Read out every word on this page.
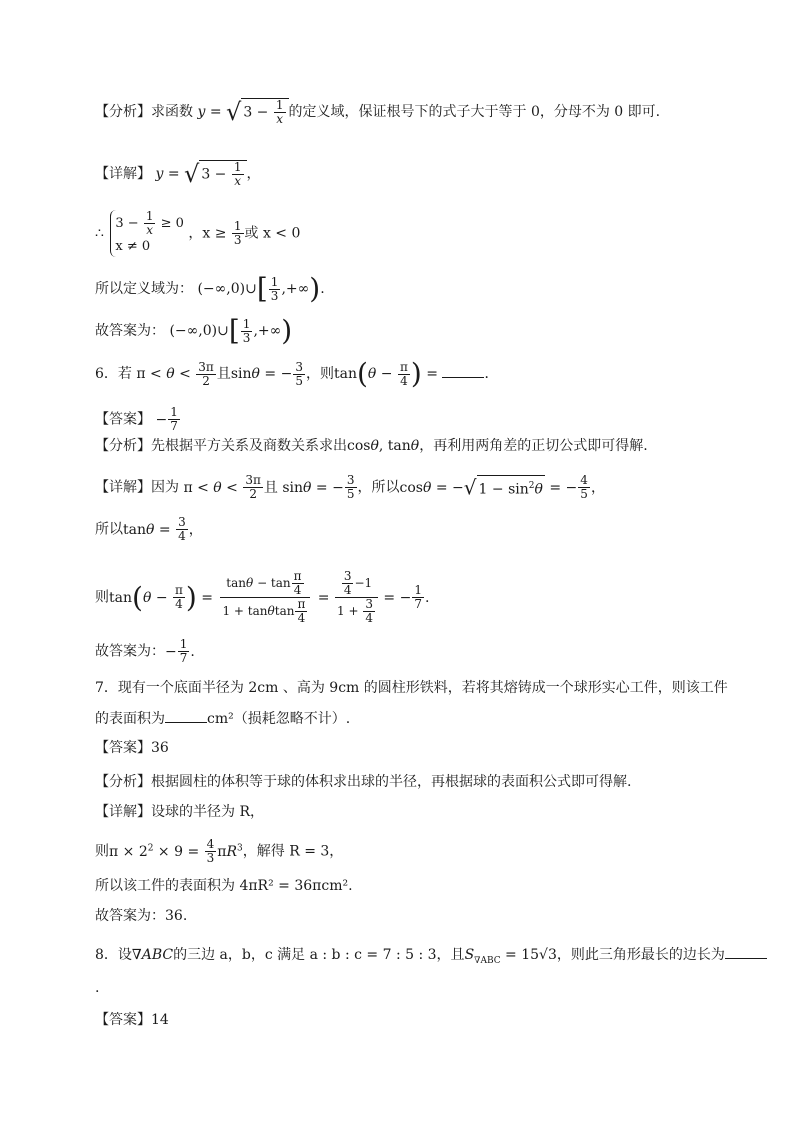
【分析】求函数 y = √ $3 - \frac{1}{x}$ 的定义域，保证根号下的式子大于等于 0，分母不为 0 即可.
【详解】 y = √ $3 - \frac{1}{x}$ ，
∴
$3 - \frac{1}{x} \ge 0$
x ≠ 0
，$x \ge \frac{1}{3}$ 或 x < 0
所以定义域为： (−∞,0)∪[ $\frac{1}{3}$ ,+∞).
故答案为： (−∞,0)∪[ $\frac{1}{3}$ ,+∞)
6．若 $\pi < \theta < \frac{3\pi}{2}$ 且sinθ = − $\frac{3}{5}$ ，则$\tan(\theta - \frac{\pi}{4}$ ) =	．
【答案】 − $\frac{1}{7}$
【分析】先根据平方关系及商数关系求出cosθ, tanθ，再利用两角差的正切公式即可得解.
【详解】因为 $\pi < \theta < \frac{3\pi}{2}$ 且 sinθ = − $\frac{3}{5}$ ，所以cosθ = −√ $1 - \sin^2\theta$ = − $\frac{4}{5}$ ，
所以$\tan\theta = \frac{3}{4}$ ，
则$\tan(\theta - \frac{\pi}{4}$ ) = $\frac{\tan\theta - \tan \frac{\pi}{4}}{1 + \tan\theta\tan \frac{\pi}{4}} = \frac{\frac{3}{4} -1}{1 + \frac{3}{4}}$ = − $\frac{1}{7}$ .
故答案为：− $\frac{1}{7}$ .
7．现有一个底面半径为 2cm 、高为 9cm 的圆柱形铁料，若将其熔铸成一个球形实心工件，则该工件
的表面积为	cm²（损耗忽略不计）.
【答案】36
【分析】根据圆柱的体积等于球的体积求出球的半径，再根据球的表面积公式即可得解.
【详解】设球的半径为 R，
则$\pi \times 2^2 \times 9 = \frac{4}{3} \pi R^3$，解得 R = 3，
所以该工件的表面积为 4πR² = 36πcm².
故答案为：36.
8．设∇ABC的三边 a，b，c 满足 a : b : c = 7 : 5 : 3，且$S_{\nabla ABC} = 15√3$，则此三角形最长的边长为
.
【答案】14
